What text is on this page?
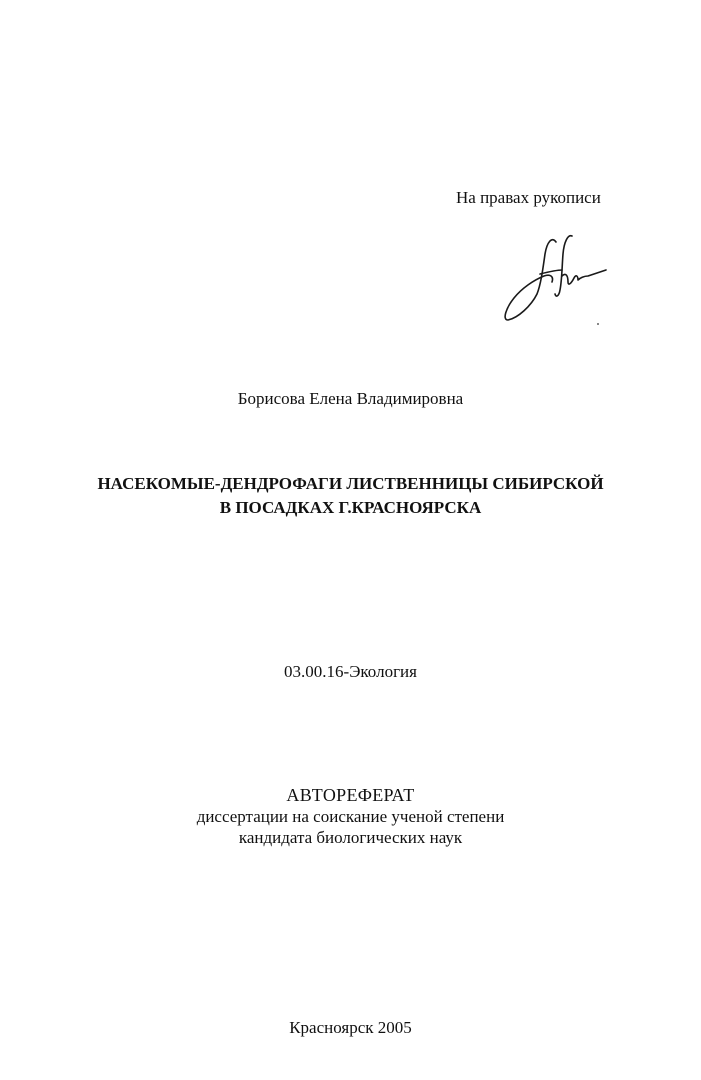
На правах рукописи
Борисова Елена Владимировна
НАСЕКОМЫЕ-ДЕНДРОФАГИ ЛИСТВЕННИЦЫ СИБИРСКОЙ
В ПОСАДКАХ Г.КРАСНОЯРСКА
03.00.16-Экология
АВТОРЕФЕРАТ
диссертации на соискание ученой степени
кандидата биологических наук
Красноярск 2005
